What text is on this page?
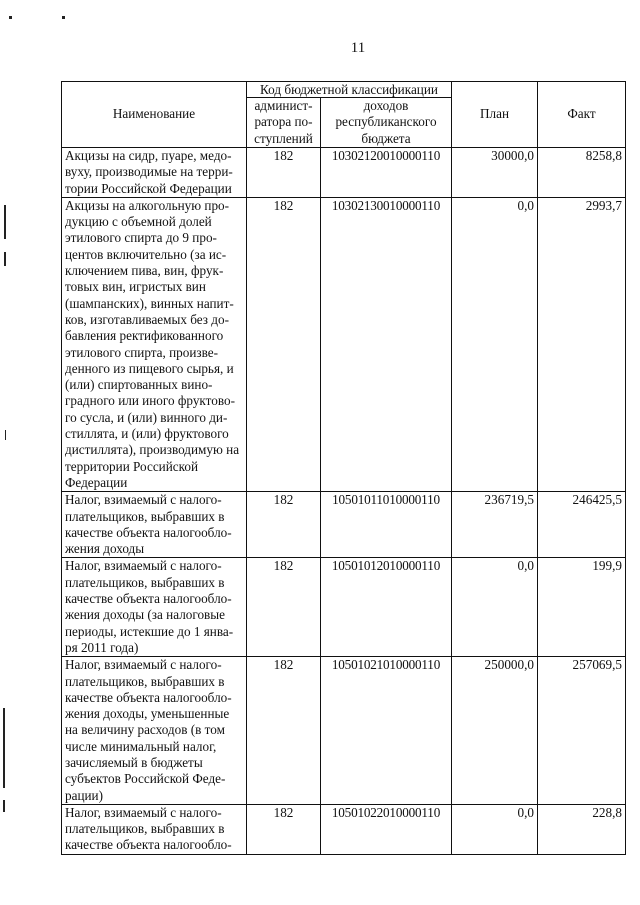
11
Наименование	Код бюджетной классификации		План	Факт
	админист-ратора по-ступлений	доходов республиканского бюджета		
Акцизы на сидр, пуаре, медо-вуху, производимые на терри-тории Российской Федерации	182	10302120010000110	30000,0	8258,8
Акцизы на алкогольную про-дукцию с объемной долей этилового спирта до 9 про-центов включительно (за ис-ключением пива, вин, фрук-товых вин, игристых вин (шампанских), винных напит-ков, изготавливаемых без до-бавления ректификованного этилового спирта, произве-денного из пищевого сырья, и (или) спиртованных вино-градного или иного фруктово-го сусла, и (или) винного ди-стиллята, и (или) фруктового дистиллята), производимую на территории Российской Федерации	182	10302130010000110	0,0	2993,7
Налог, взимаемый с налого-плательщиков, выбравших в качестве объекта налогообло-жения доходы	182	10501011010000110	236719,5	246425,5
Налог, взимаемый с налого-плательщиков, выбравших в качестве объекта налогообло-жения доходы (за налоговые периоды, истекшие до 1 янва-ря 2011 года)	182	10501012010000110	0,0	199,9
Налог, взимаемый с налого-плательщиков, выбравших в качестве объекта налогообло-жения доходы, уменьшенные на величину расходов (в том числе минимальный налог, зачисляемый в бюджеты субъектов Российской Феде-рации)	182	10501021010000110	250000,0	257069,5
Налог, взимаемый с налого-плательщиков, выбравших в качестве объекта налогообло-	182	10501022010000110	0,0	228,8
